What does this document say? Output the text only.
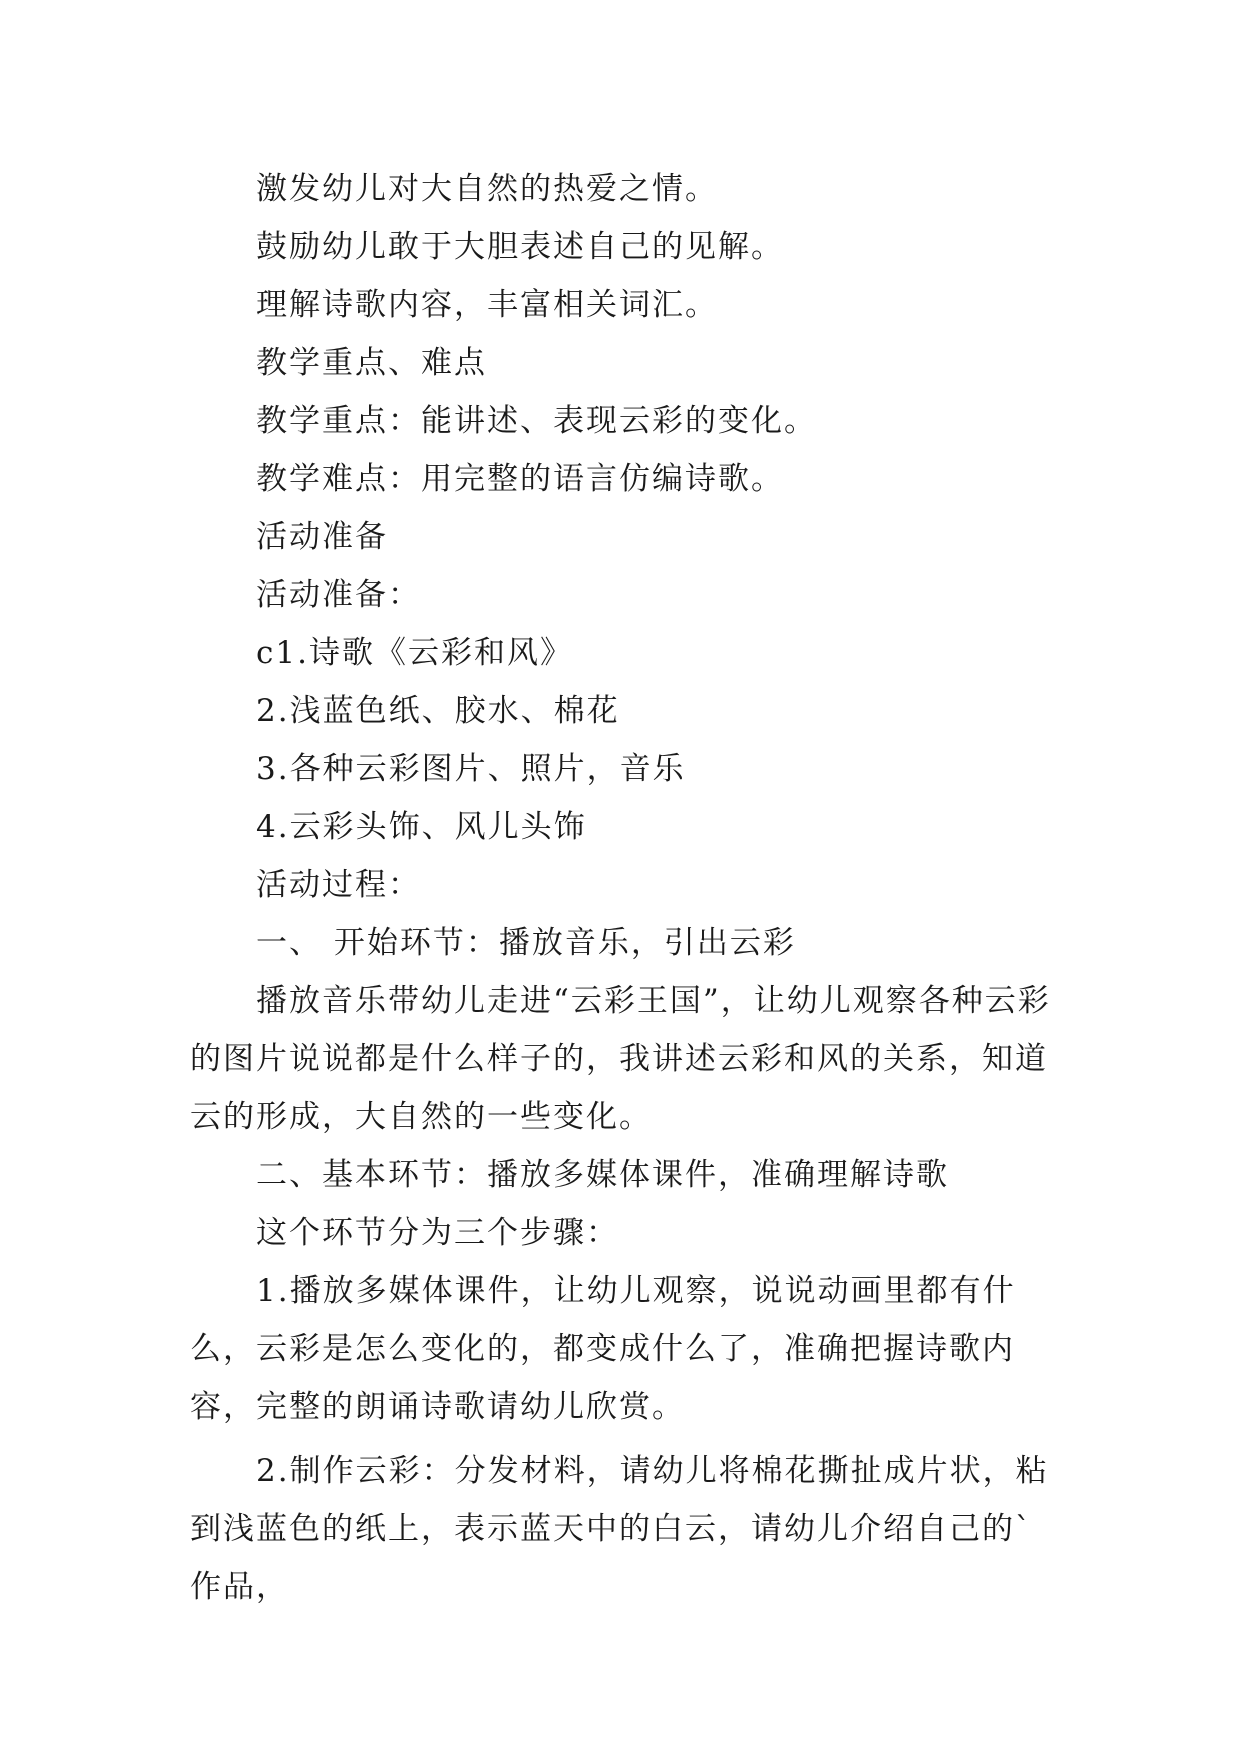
激发幼儿对大自然的热爱之情。

鼓励幼儿敢于大胆表述自己的见解。

理解诗歌内容，丰富相关词汇。

教学重点、难点

教学重点：能讲述、表现云彩的变化。

教学难点：用完整的语言仿编诗歌。

活动准备

活动准备：

c1.诗歌《云彩和风》

2.浅蓝色纸、胶水、棉花

3.各种云彩图片、照片，音乐

4.云彩头饰、风儿头饰

活动过程：

一、 开始环节：播放音乐，引出云彩

播放音乐带幼儿走进“云彩王国”，让幼儿观察各种云彩的图片说说都是什么样子的，我讲述云彩和风的关系，知道云的形成，大自然的一些变化。

二、基本环节：播放多媒体课件，准确理解诗歌

这个环节分为三个步骤：

1.播放多媒体课件，让幼儿观察，说说动画里都有什么，云彩是怎么变化的，都变成什么了，准确把握诗歌内容，完整的朗诵诗歌请幼儿欣赏。

2.制作云彩：分发材料，请幼儿将棉花撕扯成片状，粘到浅蓝色的纸上，表示蓝天中的白云，请幼儿介绍自己的`作品，
